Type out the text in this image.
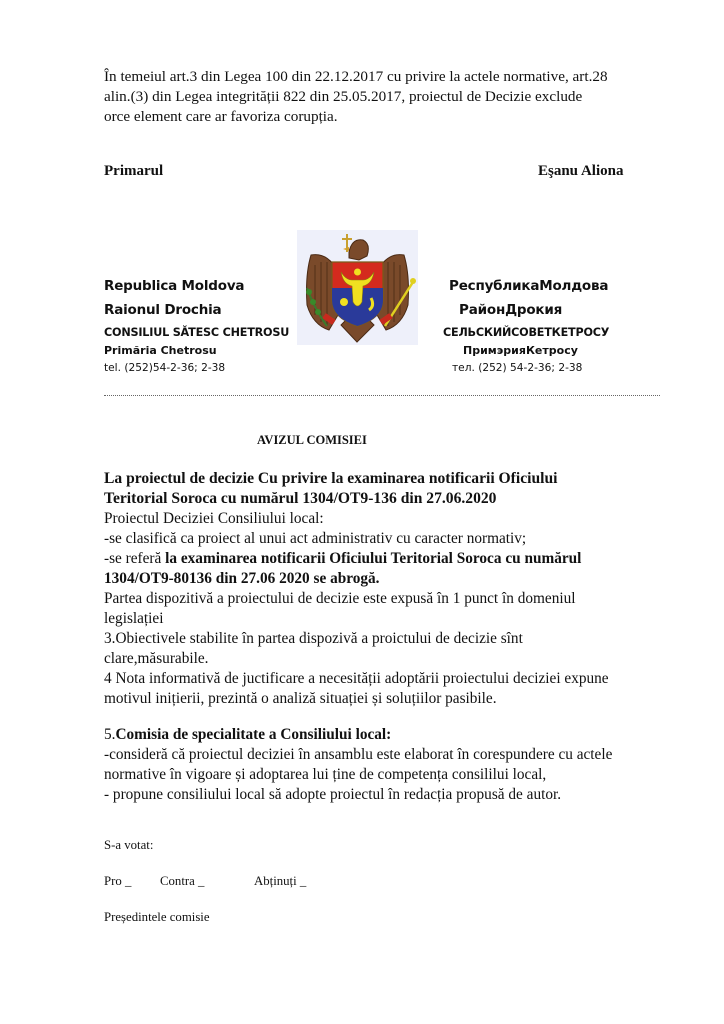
În temeiul art.3 din Legea 100 din 22.12.2017 cu privire la actele normative, art.28
alin.(3) din Legea integrității 822 din 25.05.2017, proiectul de Decizie exclude
orce element care ar favoriza corupția.
Primarul	Eşanu Aliona
Republica Moldova
Raionul Drochia
CONSILIUL SĂTESC CHETROSU
Primăria Chetrosu
tel. (252)54-2-36; 2-38
РеспубликаМолдова
РайонДрокия
СЕЛЬСКИЙСОВЕТКЕТРОСУ
ПримэрияКетросу
тел. (252) 54-2-36; 2-38
AVIZUL COMISIEI
La proiectul de decizie Cu privire la examinarea notificarii Oficiului
Teritorial Soroca cu numărul 1304/OT9-136 din 27.06.2020
Proiectul Deciziei Consiliului local:
-se clasifică ca proiect al unui act administrativ cu caracter normativ;
-se referă la examinarea notificarii Oficiului Teritorial Soroca cu numărul
1304/OT9-80136 din 27.06 2020 se abrogă.
Partea dispozitivă a proiectului de decizie este expusă în 1 punct în domeniul
legislației
3.Obiectivele stabilite în partea dispozivă a proictului de decizie sînt
clare,măsurabile.
4 Nota informativă de juctificare a necesității adoptării proiectului deciziei expune
motivul inițierii, prezintă o analiză situației și soluțiilor pasibile.
5.Comisia de specialitate a Consiliului local:
-consideră că proiectul deciziei în ansamblu este elaborat în corespundere cu actele
normative în vigoare și adoptarea lui ține de competența consililui local,
- propune consiliului local să adopte proiectul în redacția propusă de autor.
S-a votat:
Pro _ Contra _	Abținuți _
Președintele comisie
